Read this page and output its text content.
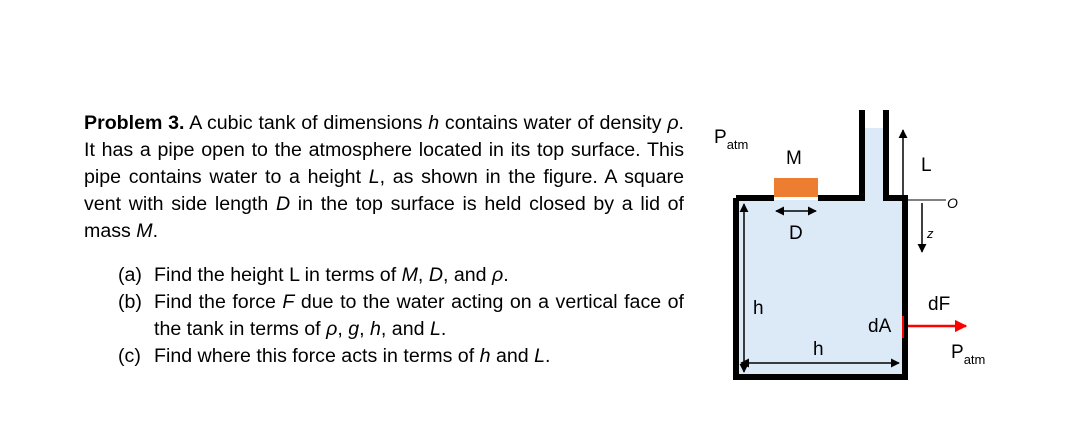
Problem 3. A cubic tank of dimensions h contains water of density ρ. It has a pipe open to the atmosphere located in its top surface. This pipe contains water to a height L, as shown in the figure. A square vent with side length D in the top surface is held closed by a lid of mass M.

(a) Find the height L in terms of M, D, and ρ.
(b) Find the force F due to the water acting on a vertical face of the tank in terms of ρ, g, h, and L.
(c) Find where this force acts in terms of h and L.
$P_{atm}$
M
D
h
h
L
O
z
dA
dF
$P_{atm}$
